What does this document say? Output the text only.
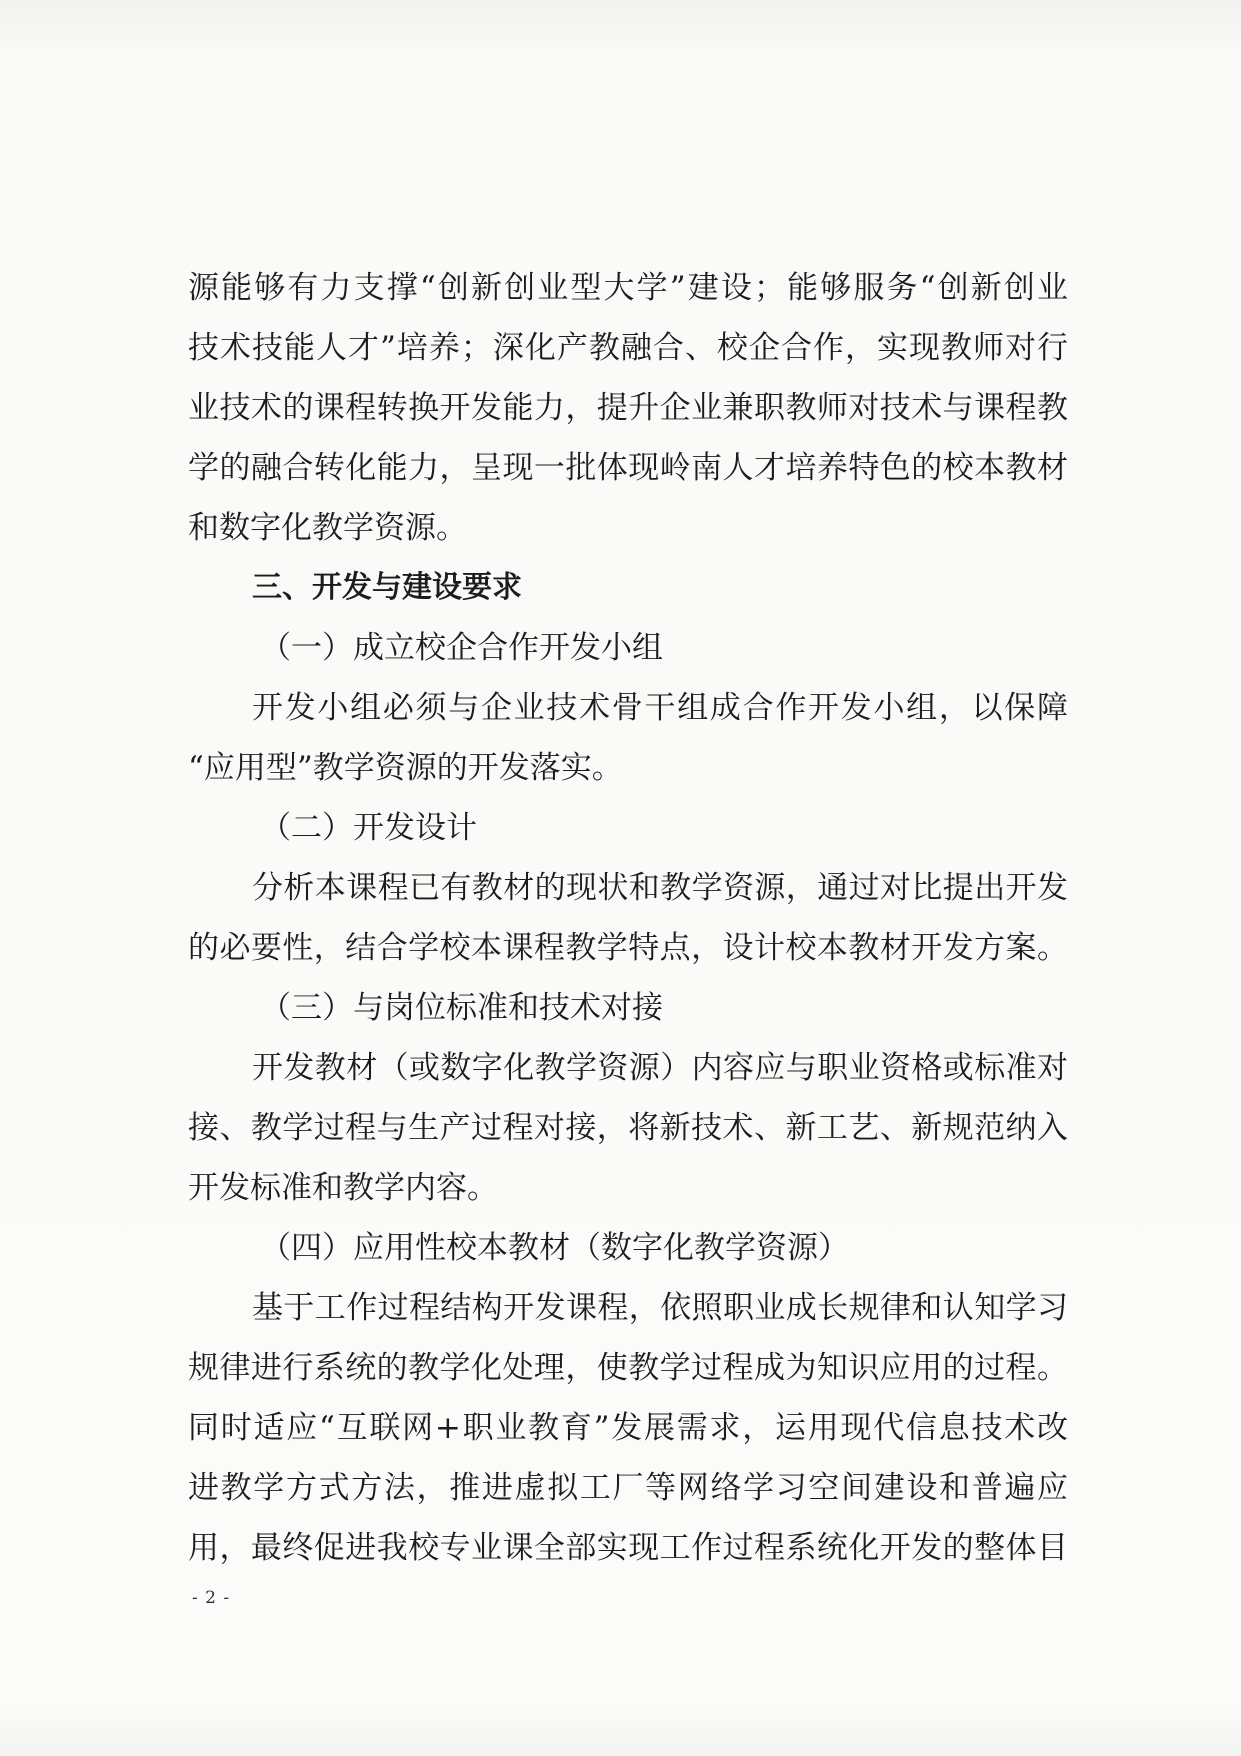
源能够有力支撑“创新创业型大学”建设；能够服务“创新创业
技术技能人才”培养；深化产教融合、校企合作，实现教师对行
业技术的课程转换开发能力，提升企业兼职教师对技术与课程教
学的融合转化能力，呈现一批体现岭南人才培养特色的校本教材
和数字化教学资源。
三、开发与建设要求
（一）成立校企合作开发小组
开发小组必须与企业技术骨干组成合作开发小组，以保障
“应用型”教学资源的开发落实。
（二）开发设计
分析本课程已有教材的现状和教学资源，通过对比提出开发
的必要性，结合学校本课程教学特点，设计校本教材开发方案。
（三）与岗位标准和技术对接
开发教材（或数字化教学资源）内容应与职业资格或标准对
接、教学过程与生产过程对接，将新技术、新工艺、新规范纳入
开发标准和教学内容。
（四）应用性校本教材（数字化教学资源）
基于工作过程结构开发课程，依照职业成长规律和认知学习
规律进行系统的教学化处理，使教学过程成为知识应用的过程。
同时适应“互联网+职业教育”发展需求，运用现代信息技术改
进教学方式方法，推进虚拟工厂等网络学习空间建设和普遍应
用，最终促进我校专业课全部实现工作过程系统化开发的整体目
- 2 -
